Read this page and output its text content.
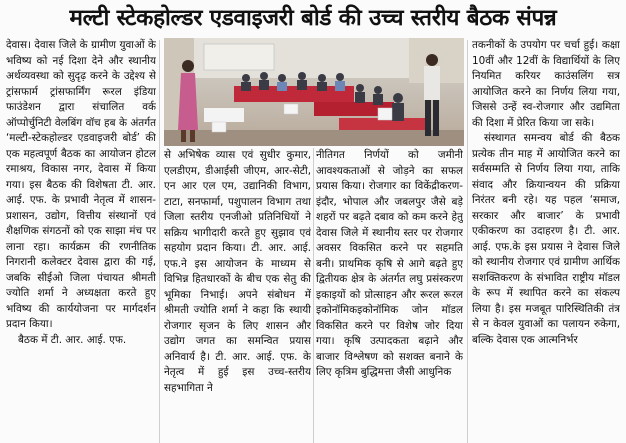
मल्टी स्टेकहोल्डर एडवाइजरी बोर्ड की उच्च स्तरीय बैठक संपन्न

देवास। देवास जिले के ग्रामीण युवाओं के भविष्य को नई दिशा देने और स्थानीय अर्थव्यवस्था को सुदृढ़ करने के उद्देश्य से ट्रांसफार्म ट्रांसफार्मिंग रूरल इंडिया फाउंडेशन द्वारा संचालित वर्क ऑप्पोर्चुनिटी वेलबिंग वॉच हब के अंतर्गत ‘मल्टी-स्टेकहोल्डर एडवाइजरी बोर्ड’ की एक महत्वपूर्ण बैठक का आयोजन होटल रमाश्रय, विकास नगर, देवास में किया गया। इस बैठक की विशेषता टी. आर. आई. एफ. के प्रभावी नेतृत्व में शासन-प्रशासन, उद्योग, वित्तीय संस्थानों एवं शैक्षणिक संगठनों को एक साझा मंच पर लाना रहा। कार्यक्रम की रणनीतिक निगरानी कलेक्टर देवास द्वारा की गई, जबकि सीईओ जिला पंचायत श्रीमती ज्योति शर्मा ने अध्यक्षता करते हुए भविष्य की कार्ययोजना पर मार्गदर्शन प्रदान किया।

बैठक में टी. आर. आई. एफ.

से अभिषेक व्यास एवं सुधीर कुमार, एलडीएम, डीआईसी जीएम, आर-सेटी, एन आर एल एम, उद्यानिकी विभाग, टाटा, सनफार्मा, पशुपालन विभाग तथा जिला स्तरीय एनजीओ प्रतिनिधियों ने सक्रिय भागीदारी करते हुए सुझाव एवं सहयोग प्रदान किया। टी. आर. आई. एफ.ने इस आयोजन के माध्यम से विभिन्न हितधारकों के बीच एक सेतु की भूमिका निभाई। अपने संबोधन में श्रीमती ज्योति शर्मा ने कहा कि स्थायी रोजगार सृजन के लिए शासन और उद्योग जगत का समन्वित प्रयास अनिवार्य है। टी. आर. आई. एफ. के नेतृत्व में हुई इस उच्च-स्तरीय सहभागिता ने

नीतिगत निर्णयों को जमीनी आवश्यकताओं से जोड़ने का सफल प्रयास किया। रोजगार का विकेंद्रीकरण- इंदौर, भोपाल और जबलपुर जैसे बड़े शहरों पर बढ़ते दबाव को कम करने हेतु देवास जिले में स्थानीय स्तर पर रोजगार अवसर विकसित करने पर सहमति बनी। प्राथमिक कृषि से आगे बढ़ते हुए द्वितीयक क्षेत्र के अंतर्गत लघु प्रसंस्करण इकाइयों को प्रोत्साहन और रूरल रूरल इकोनॉमिकइकोनॉमिक जोन मॉडल विकसित करने पर विशेष जोर दिया गया। कृषि उत्पादकता बढ़ाने और बाजार विश्लेषण को सशक्त बनाने के लिए कृत्रिम बुद्धिमत्ता जैसी आधुनिक

तकनीकों के उपयोग पर चर्चा हुई। कक्षा 10वीं और 12वीं के विद्यार्थियों के लिए नियमित करियर काउंसलिंग सत्र आयोजित करने का निर्णय लिया गया, जिससे उन्हें स्व-रोजगार और उद्यमिता की दिशा में प्रेरित किया जा सके।

संस्थागत समन्वय बोर्ड की बैठक प्रत्येक तीन माह में आयोजित करने का सर्वसम्मति से निर्णय लिया गया, ताकि संवाद और क्रियान्वयन की प्रक्रिया निरंतर बनी रहे। यह पहल ‘समाज, सरकार और बाजार’ के प्रभावी एकीकरण का उदाहरण है। टी. आर. आई. एफ.के इस प्रयास ने देवास जिले को स्थानीय रोजगार एवं ग्रामीण आर्थिक सशक्तिकरण के संभावित राष्ट्रीय मॉडल के रूप में स्थापित करने का संकल्प लिया है। इस मजबूत पारिस्थितिकी तंत्र से न केवल युवाओं का पलायन रुकेगा, बल्कि देवास एक आत्मनिर्भर
